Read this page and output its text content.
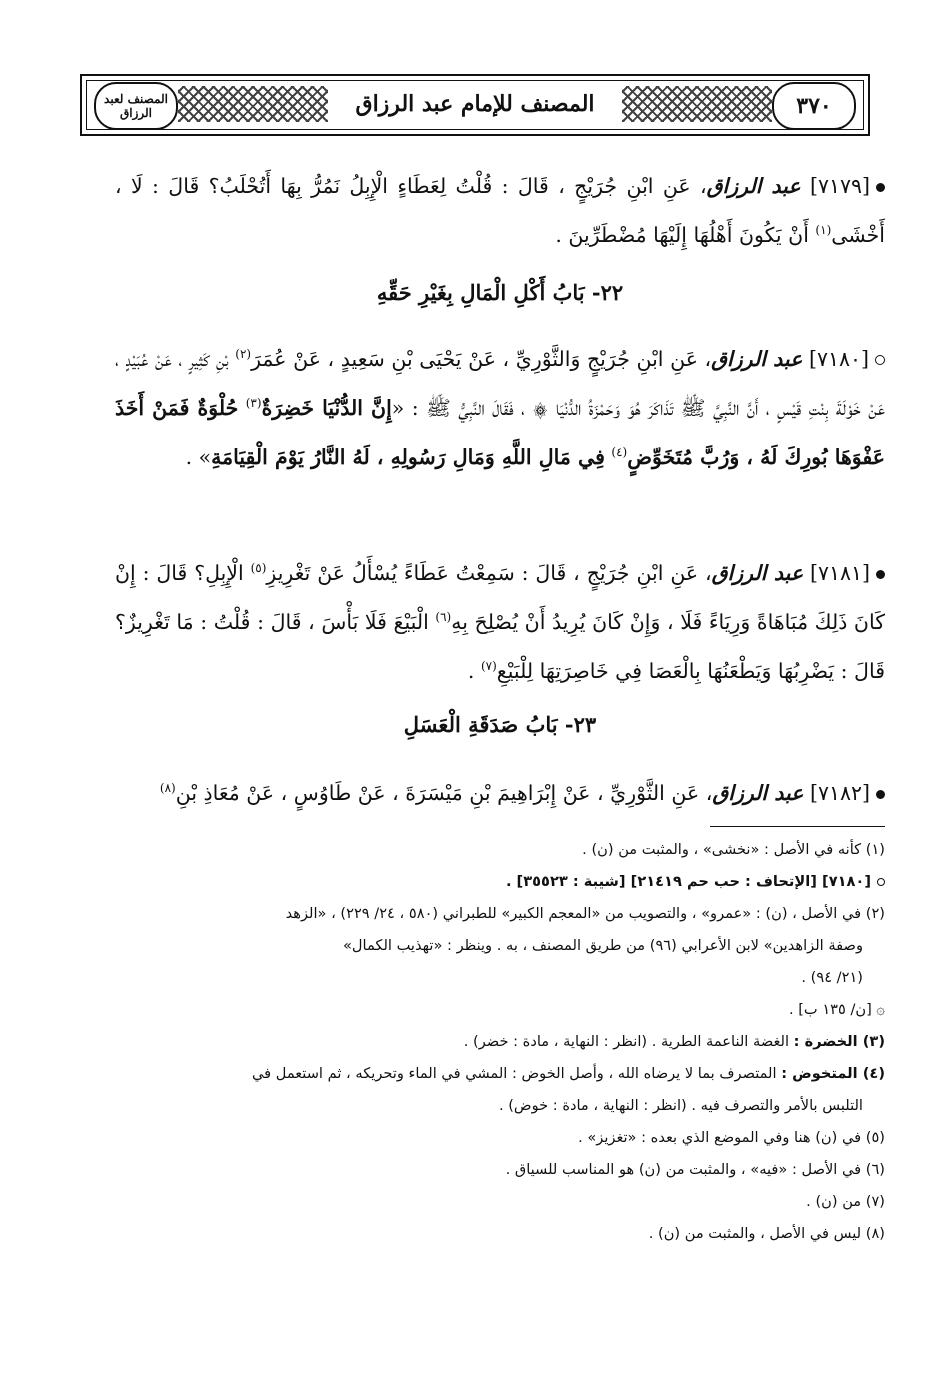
المصنف لعبد الرزاق	المصنف للإمام عبد الرزاق	٣٧٠

[٧١٧٩] عبد الرزاق، عَنِ ابْنِ جُرَيْجٍ ، قَالَ : قُلْتُ لِعَطَاءٍ الْإِبِلُ نَمُرُّ بِهَا أَتُحْلَبُ؟ قَالَ : لَا ، أَخْشَى$^{(١)}$ أَنْ يَكُونَ أَهْلُهَا إِلَيْهَا مُضْطَرِّينَ .

٢٢- بَابُ أَكْلِ الْمَالِ بِغَيْرِ حَقِّهِ

[٧١٨٠] عبد الرزاق، عَنِ ابْنِ جُرَيْجٍ وَالثَّوْرِيِّ ، عَنْ يَحْيَى بْنِ سَعِيدٍ ، عَنْ عُمَرَ$^{(٢)}$ بْنِ كَثِيرٍ ، عَنْ عُبَيْدٍ ، عَنْ خَوْلَةَ بِنْتِ قَيْسٍ ، أَنَّ النَّبِيَّ ﷺ تَذَاكَرَ هُوَ وَحَمْزَةُ الدُّنْيَا ۞ ، فَقَالَ النَّبِيُّ ﷺ : «إِنَّ الدُّنْيَا خَضِرَةٌ$^{(٣)}$ حُلْوَةٌ فَمَنْ أَخَذَ عَفْوَهَا بُورِكَ لَهُ ، وَرُبَّ مُتَخَوِّضٍ$^{(٤)}$ فِي مَالِ اللَّهِ وَمَالِ رَسُولِهِ ، لَهُ النَّارُ يَوْمَ الْقِيَامَةِ» .

[٧١٨١] عبد الرزاق، عَنِ ابْنِ جُرَيْجٍ ، قَالَ : سَمِعْتُ عَطَاءً يُسْأَلُ عَنْ تَغْرِيزِ$^{(٥)}$ الْإِبِلِ؟ قَالَ : إِنْ كَانَ ذَلِكَ مُبَاهَاةً وَرِيَاءً فَلَا ، وَإِنْ كَانَ يُرِيدُ أَنْ يُصْلِحَ بِهِ$^{(٦)}$ الْبَيْعَ فَلَا بَأْسَ ، قَالَ : قُلْتُ : مَا تَغْرِيزٌ؟ قَالَ : يَضْرِبُهَا وَيَطْعَنُهَا بِالْعَصَا فِي خَاصِرَتِهَا لِلْبَيْعِ$^{(٧)}$ .

٢٣- بَابُ صَدَقَةِ الْعَسَلِ

[٧١٨٢] عبد الرزاق، عَنِ الثَّوْرِيِّ ، عَنْ إِبْرَاهِيمَ بْنِ مَيْسَرَةَ ، عَنْ طَاوُسٍ ، عَنْ مُعَاذِ بْنِ$^{(٨)}$

(١) كأنه في الأصل : «نخشى» ، والمثبت من (ن) .

[٧١٨٠] [الإتحاف : حب حم ٢١٤١٩] [شيبة : ٣٥٥٢٣] .

(٢) في الأصل ، (ن) : «عمرو» ، والتصويب من «المعجم الكبير» للطبراني (٥٨٠ ، ٢٤/ ٢٢٩) ، «الزهد

وصفة الزاهدين» لابن الأعرابي (٩٦) من طريق المصنف ، به . وينظر : «تهذيب الكمال»

(٢١/ ٩٤) .

۞ [ن/ ١٣٥ ب] .

(٣) الخضرة : الغضة الناعمة الطرية . (انظر : النهاية ، مادة : خضر) .

(٤) المتخوض : المتصرف بما لا يرضاه الله ، وأصل الخوض : المشي في الماء وتحريكه ، ثم استعمل في

التلبس بالأمر والتصرف فيه . (انظر : النهاية ، مادة : خوض) .

(٥) في (ن) هنا وفي الموضع الذي بعده : «تغزيز» .

(٦) في الأصل : «فيه» ، والمثبت من (ن) هو المناسب للسياق .

(٧) من (ن) .

(٨) ليس في الأصل ، والمثبت من (ن) .
